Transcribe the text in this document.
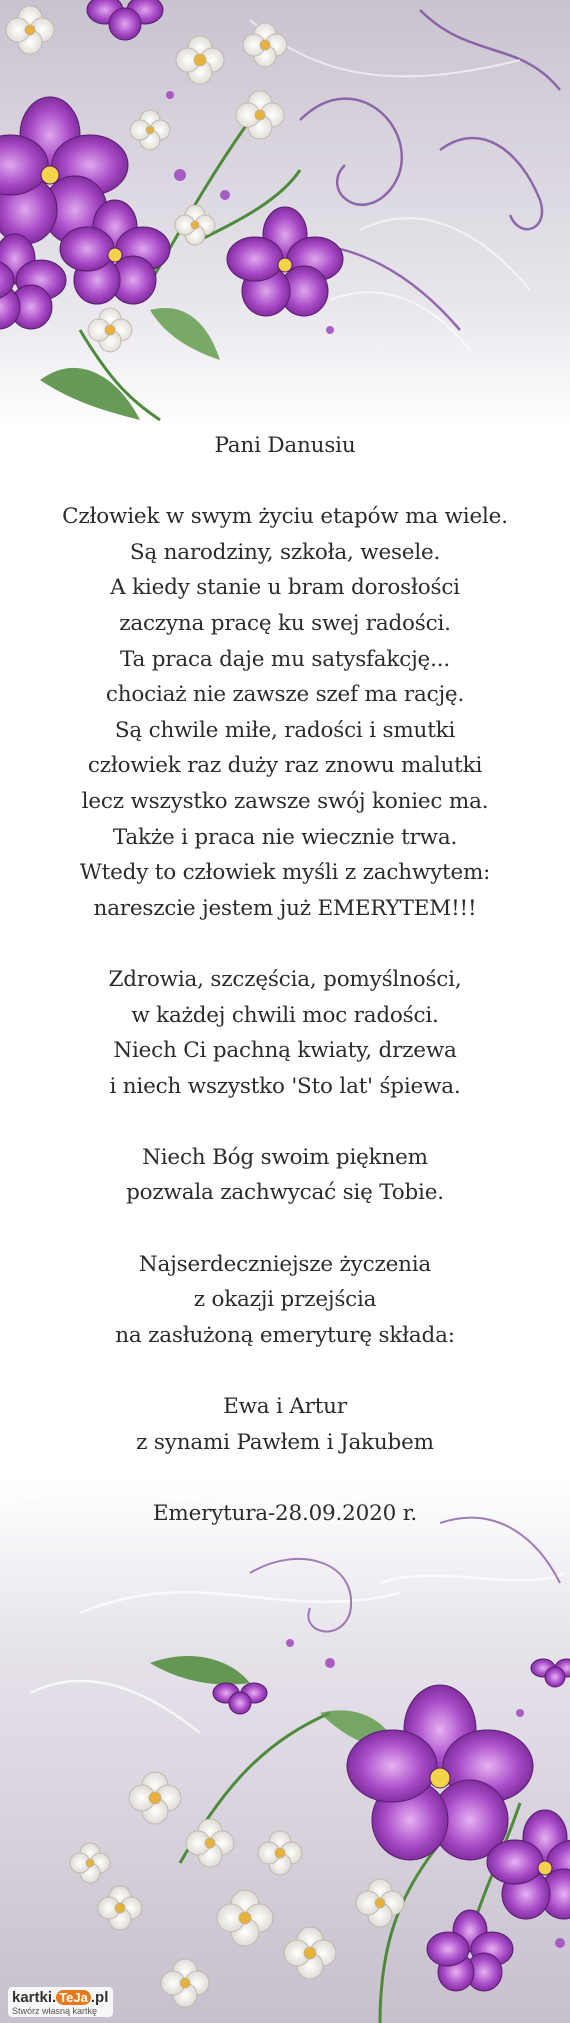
Pani Danusiu

Człowiek w swym życiu etapów ma wiele.

Są narodziny, szkoła, wesele.

A kiedy stanie u bram dorosłości

zaczyna pracę ku swej radości.

Ta praca daje mu satysfakcję...

chociaż nie zawsze szef ma rację.

Są chwile miłe, radości i smutki

człowiek raz duży raz znowu malutki

lecz wszystko zawsze swój koniec ma.

Także i praca nie wiecznie trwa.

Wtedy to człowiek myśli z zachwytem:

nareszcie jestem już EMERYTEM!!!

Zdrowia, szczęścia, pomyślności,

w każdej chwili moc radości.

Niech Ci pachną kwiaty, drzewa

i niech wszystko 'Sto lat' śpiewa.

Niech Bóg swoim pięknem

pozwala zachwycać się Tobie.

Najserdeczniejsze życzenia

z okazji przejścia

na zasłużoną emeryturę składa:

Ewa i Artur

z synami Pawłem i Jakubem

Emerytura-28.09.2020 r.

kartki. TeJa .pl
Stwórz własną kartkę
